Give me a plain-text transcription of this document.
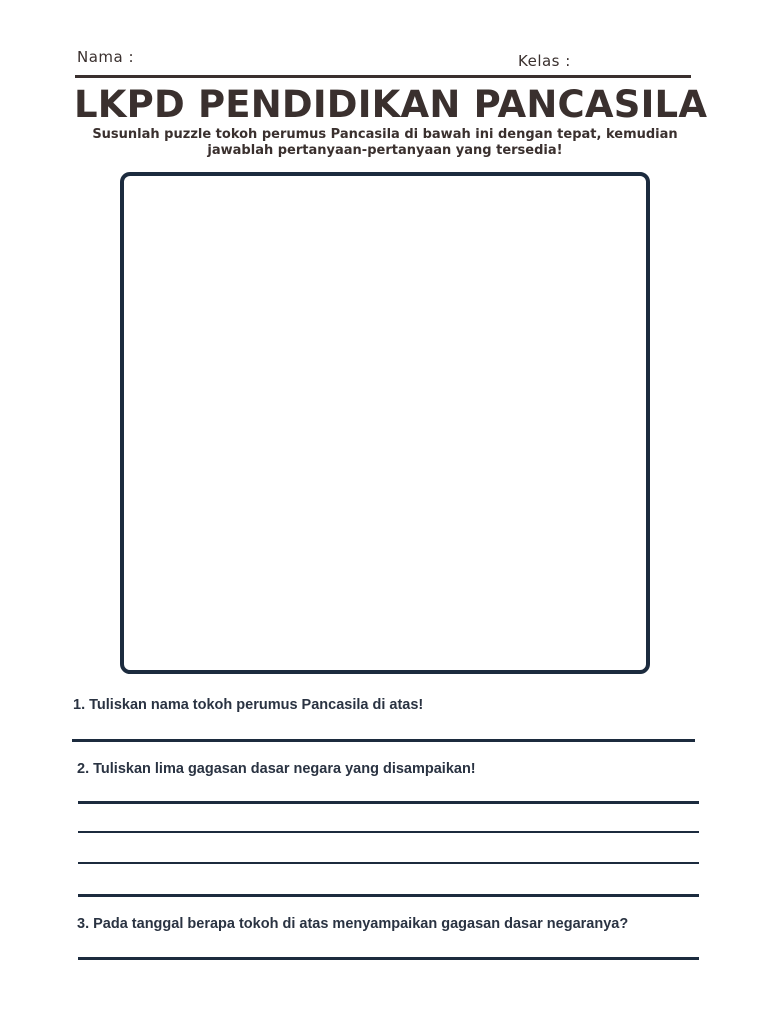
Nama :	Kelas :
LKPD PENDIDIKAN PANCASILA
Susunlah puzzle tokoh perumus Pancasila di bawah ini dengan tepat, kemudian jawablah pertanyaan-pertanyaan yang tersedia!
1. Tuliskan nama tokoh perumus Pancasila di atas!
2. Tuliskan lima gagasan dasar negara yang disampaikan!
3. Pada tanggal berapa tokoh di atas menyampaikan gagasan dasar negaranya?
